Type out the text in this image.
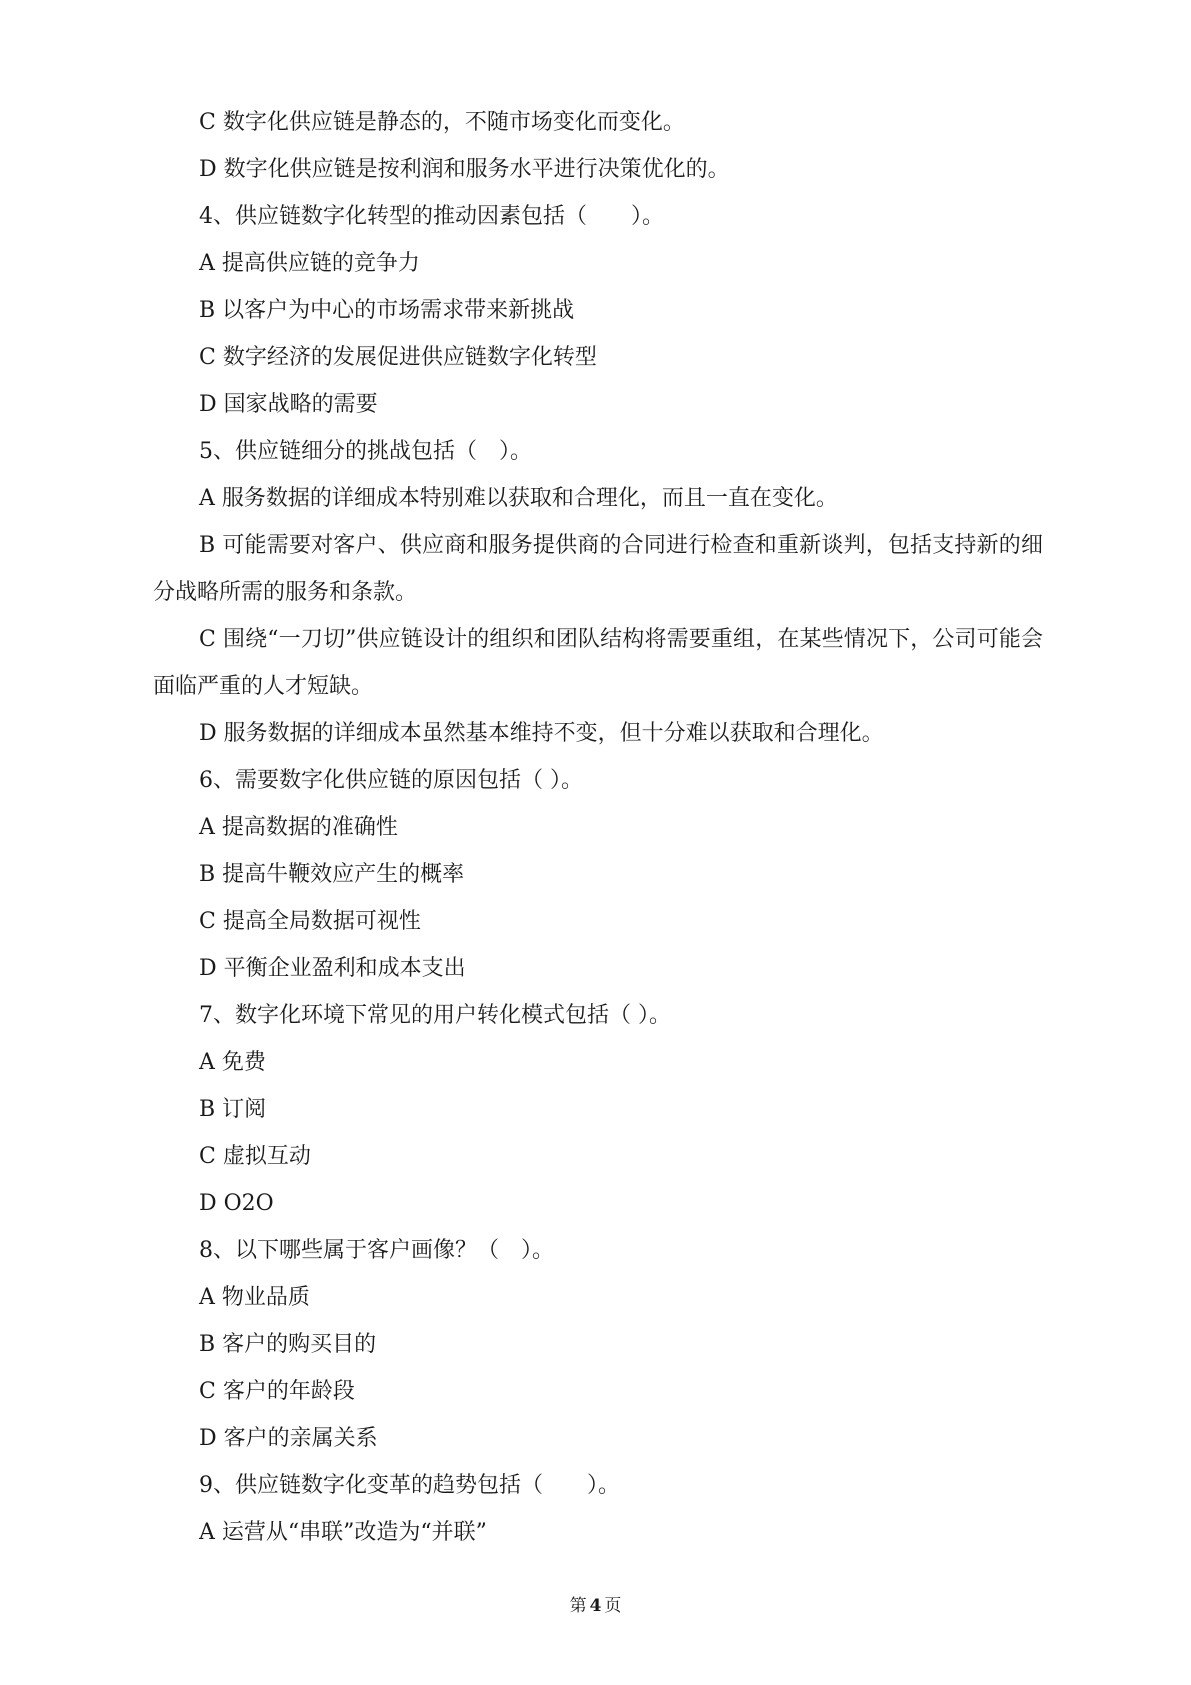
C 数字化供应链是静态的，不随市场变化而变化。
D 数字化供应链是按利润和服务水平进行决策优化的。
4、供应链数字化转型的推动因素包括（　　）。
A 提高供应链的竞争力
B 以客户为中心的市场需求带来新挑战
C 数字经济的发展促进供应链数字化转型
D 国家战略的需要
5、供应链细分的挑战包括（　）。
A 服务数据的详细成本特别难以获取和合理化，而且一直在变化。
B 可能需要对客户、供应商和服务提供商的合同进行检查和重新谈判，包括支持新的细分战略所需的服务和条款。
C 围绕“一刀切”供应链设计的组织和团队结构将需要重组，在某些情况下，公司可能会面临严重的人才短缺。
D 服务数据的详细成本虽然基本维持不变，但十分难以获取和合理化。
6、需要数字化供应链的原因包括（ ）。
A 提高数据的准确性
B 提高牛鞭效应产生的概率
C 提高全局数据可视性
D 平衡企业盈利和成本支出
7、数字化环境下常见的用户转化模式包括（ ）。
A 免费
B 订阅
C 虚拟互动
D O2O
8、以下哪些属于客户画像？（　）。
A 物业品质
B 客户的购买目的
C 客户的年龄段
D 客户的亲属关系
9、供应链数字化变革的趋势包括（　　）。
A 运营从“串联”改造为“并联”
第 4 页
